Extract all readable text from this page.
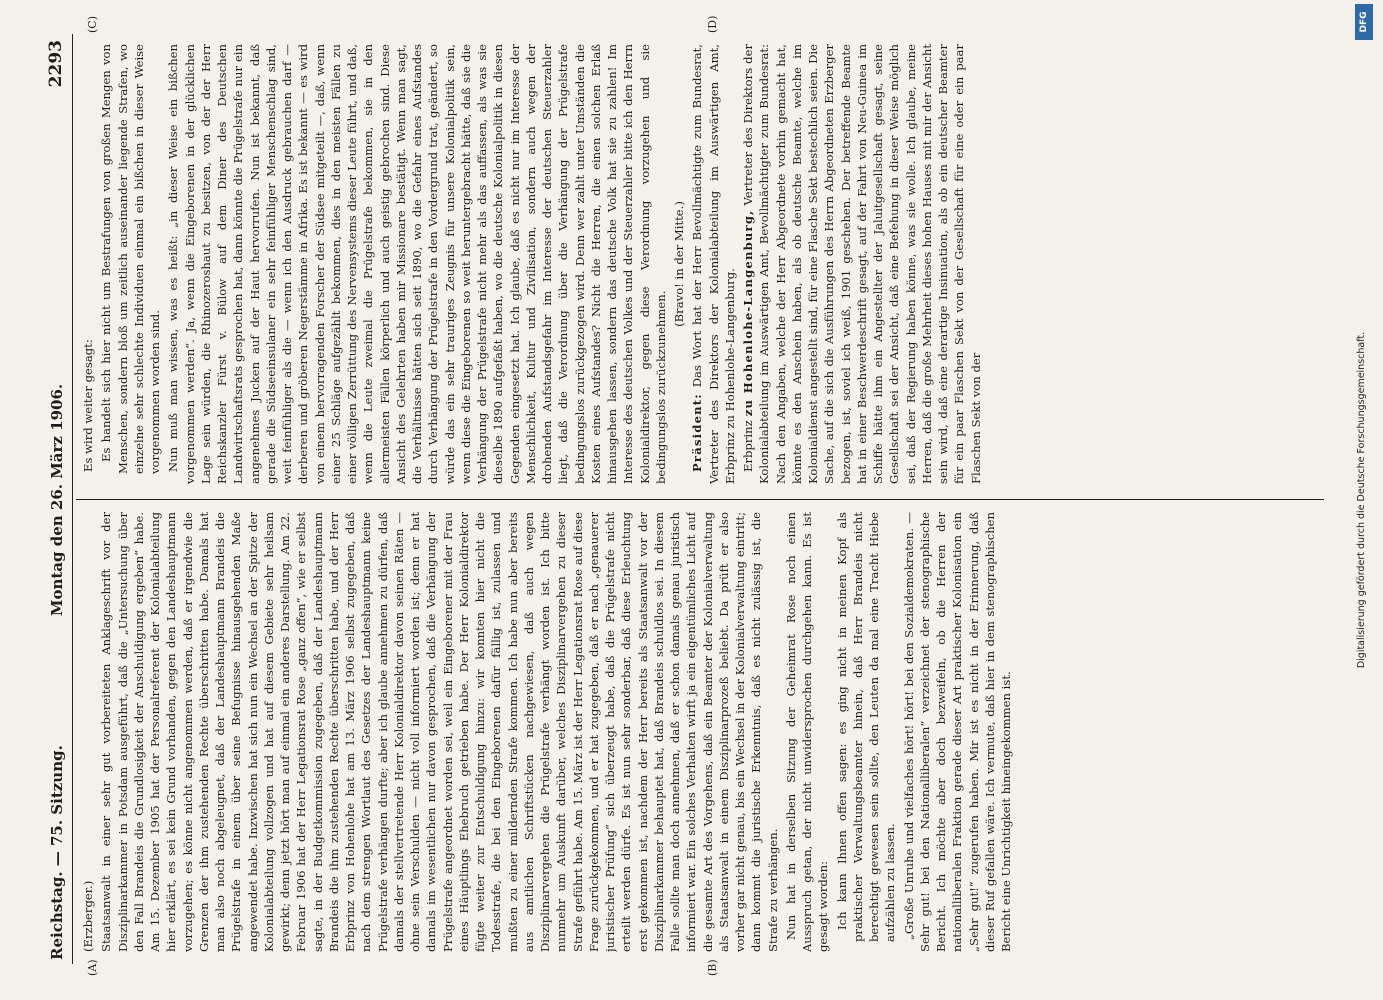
Reichstag. — 75. Sitzung.
Montag den 26. März 1906.
2293
(A)	(B)
(C)	(D)

(Erzberger.) Staatsanwalt in einer sehr gut vorbereiteten Anklageschrift vor der Disziplinarkammer in Potsdam ausgeführt, daß die „Untersuchung über den Fall Brandeis die Grundlosigkeit der Anschuldigung ergeben“ habe. Am 15. Dezember 1905 hat der Personalreferent der Kolonialabteilung hier erklärt, es sei kein Grund vorhanden, gegen den Landeshauptmann vorzugehen; es könne nicht angenommen werden, daß er irgendwie die Grenzen der ihm zustehenden Rechte überschritten habe. Damals hat man also noch abgeleugnet, daß der Landeshauptmann Brandeis die Prügelstrafe in einem über seine Befugnisse hinausgehenden Maße angewendet habe. Inzwischen hat sich nun ein Wechsel an der Spitze der Kolonialabteilung vollzogen und hat auf diesem Gebiete sehr heilsam gewirkt; denn jetzt hört man auf einmal ein anderes Darstellung. Am 22. Februar 1906 hat der Herr Legationsrat Rose „ganz offen“, wie er selbst sagte, in der Budgetkommission zugegeben, daß der Landeshauptmann Brandeis die ihm zustehenden Rechte überschritten habe, und der Herr Erbprinz von Hohenlohe hat am 13. März 1906 selbst zugegeben, daß nach dem strengen Wortlaut des Gesetzes der Landeshauptmann keine Prügelstrafe verhängen durfte; aber ich glaube annehmen zu dürfen, daß damals der stellvertretende Herr Kolonialdirektor davon seinen Räten — ohne sein Verschulden — nicht voll informiert worden ist; denn er hat damals im wesentlichen nur davon gesprochen, daß die Verhängung der Prügelstrafe angeordnet worden sei, weil ein Eingeborener mit der Frau eines Häuptlings Ehebruch getrieben habe. Der Herr Kolonialdirektor fügte weiter zur Entschuldigung hinzu: wir konnten hier nicht die Todesstrafe, die bei den Eingeborenen dafür fällig ist, zulassen und mußten zu einer mildernden Strafe kommen. Ich habe nun aber bereits aus amtlichen Schriftstücken nachgewiesen, daß auch wegen Disziplinarvergehen die Prügelstrafe verhängt worden ist. Ich bitte nunmehr um Auskunft darüber, welches Disziplinarvergehen zu dieser Strafe geführt habe. Am 15. März ist der Herr Legationsrat Rose auf diese Frage zurückgekommen, und er hat zugegeben, daß er nach „genauerer juristischer Prüfung“ sich überzeugt habe, daß die Prügelstrafe nicht erteilt werden dürfe. Es ist nun sehr sonderbar, daß diese Erleuchtung erst gekommen ist, nachdem der Herr bereits als Staatsanwalt vor der Disziplinarkammer behauptet hat, daß Brandeis schuldlos sei. In diesem Falle sollte man doch annehmen, daß er schon damals genau juristisch informiert war. Ein solches Verhalten wirft ja ein eigentümliches Licht auf die gesamte Art des Vorgehens, daß ein Beamter der Kolonialverwaltung als Staatsanwalt in einem Disziplinarprozeß beliebt. Da prüft er also vorher gar nicht genau, bis ein Wechsel in der Kolonialverwaltung eintritt; dann kommt die juristische Erkenntnis, daß es nicht zulässig ist, die Strafe zu verhängen. Nun hat in derselben Sitzung der Geheimrat Rose noch einen Ausspruch getan, der nicht unwidersprochen durchgehen kann. Es ist gesagt worden: Ich kann Ihnen offen sagen: es ging nicht in meinen Kopf als praktischer Verwaltungsbeamter hinein, daß Herr Brandeis nicht berechtigt gewesen sein sollte, den Leuten da mal eine Tracht Hiebe aufzählen zu lassen. „Große Unruhe und vielfaches hört! hört! bei den Sozialdemokraten. — Sehr gut! bei den Nationalliberalen“ verzeichnet der stenographische Bericht. Ich möchte aber doch bezweifeln, ob die Herren der nationalliberalen Fraktion gerade dieser Art praktischer Kolonisation ein „Sehr gut!“ zugerufen haben. Mir ist es nicht in der Erinnerung, daß dieser Ruf gefallen wäre. Ich vermute, daß hier in dem stenographischen Bericht eine Unrichtigkeit hineingekommen ist.

Es wird weiter gesagt: Es handelt sich hier nicht um Bestrafungen von großen Mengen von Menschen, sondern bloß um zeitlich auseinander liegende Strafen, wo einzelne sehr schlechte Individuen einmal ein bißchen in dieser Weise vorgenommen worden sind. Nun muß man wissen, was es heißt: „in dieser Weise ein bißchen vorgenommen werden“. Ja, wenn die Eingeborenen in der glücklichen Lage sein würden, die Rhinozeroshaut zu besitzen, von der der Herr Reichskanzler Fürst v. Bülow auf dem Diner des Deutschen Landwirtschaftsrats gesprochen hat, dann könnte die Prügelstrafe nur ein angenehmes Jucken auf der Haut hervorrufen. Nun ist bekannt, daß gerade die Südseeinsulaner ein sehr feinfühliger Menschenschlag sind, weit feinfühliger als die — wenn ich den Ausdruck gebrauchen darf — derberen und gröberen Negerstämme in Afrika. Es ist bekannt — es wird von einem hervorragenden Forscher der Südsee mitgeteilt —, daß, wenn einer 25 Schläge aufgezählt bekommen, dies in den meisten Fällen zu einer völligen Zerrüttung des Nervensystems dieser Leute führt, und daß, wenn die Leute zweimal die Prügelstrafe bekommen, sie in den allermeisten Fällen körperlich und auch geistig gebrochen sind. Diese Ansicht des Gelehrten haben mir Missionare bestätigt. Wenn man sagt, die Verhältnisse hätten sich seit 1890, wo die Gefahr eines Aufstandes durch Verhängung der Prügelstrafe in den Vordergrund trat, geändert, so würde das ein sehr trauriges Zeugnis für unsere Kolonialpolitik sein, wenn diese die Eingeborenen so weit heruntergebracht hätte, daß sie die Verhängung der Prügelstrafe nicht mehr als das auffassen, als was sie dieselbe 1890 aufgefaßt haben, wo die deutsche Kolonialpolitik in diesen Gegenden eingesetzt hat. Ich glaube, daß es nicht nur im Interesse der Menschlichkeit, Kultur und Zivilisation, sondern auch wegen der drohenden Aufstandsgefahr im Interesse der deutschen Steuerzahler liegt, daß die Verordnung über die Verhängung der Prügelstrafe bedingungslos zurückgezogen wird. Denn wer zahlt unter Umständen die Kosten eines Aufstandes? Nicht die Herren, die einen solchen Erlaß hinausgehen lassen, sondern das deutsche Volk hat sie zu zahlen! Im Interesse des deutschen Volkes und der Steuerzahler bitte ich den Herrn Kolonialdirektor, gegen diese Verordnung vorzugehen und sie bedingungslos zurückzunehmen.

(Bravo! in der Mitte.)

Präsident: Das Wort hat der Herr Bevollmächtigte zum Bundesrat, Vertreter des Direktors der Kolonialabteilung im Auswärtigen Amt, Erbprinz zu Hohenlohe-Langenburg. Erbprinz zu Hohenlohe-Langenburg, Vertreter des Direktors der Kolonialabteilung im Auswärtigen Amt, Bevollmächtigter zum Bundesrat: Nach den Angaben, welche der Herr Abgeordnete vorhin gemacht hat, könnte es den Anschein haben, als ob deutsche Beamte, welche im Kolonialdienst angestellt sind, für eine Flasche Sekt bestechlich seien. Die Sache, auf die sich die Ausführungen des Herrn Abgeordneten Erzberger bezogen, ist, soviel ich weiß, 1901 geschehen. Der betreffende Beamte hat in einer Beschwerdeschrift gesagt, auf der Fahrt von Neu-Guinea im Schiffe hätte ihm ein Angestellter der Jaluitgesellschaft gesagt, seine Gesellschaft sei der Ansicht, daß eine Befehung in dieser Weise möglich sei, daß der Regierung haben könne, was sie wolle. Ich glaube, meine Herren, daß die große Mehrheit dieses hohen Hauses mit mir der Ansicht sein wird, daß eine derartige Insinuation, als ob ein deutscher Beamter für ein paar Flaschen Sekt von der Gesellschaft für eine oder ein paar Flaschen Sekt von der	Digitalisierung gefördert durch die Deutsche Forschungsgemeinschaft.
DFG
